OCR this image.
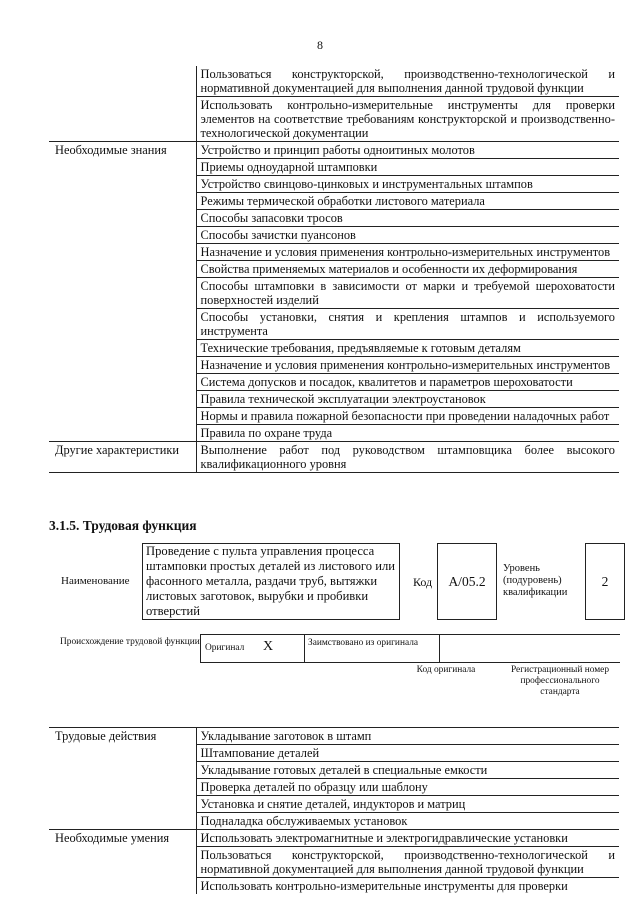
8
	Пользоваться конструкторской, производственно-технологической и нормативной документацией для выполнения данной трудовой функции
	Использовать контрольно-измерительные инструменты для проверки элементов на соответствие требованиям конструкторской и производственно-технологической документации
Необходимые знания	Устройство и принцип работы одноитиных молотов
	Приемы одноударной штамповки
	Устройство свинцово-цинковых и инструментальных штампов
	Режимы термической обработки листового материала
	Способы запасовки тросов
	Способы зачистки пуансонов
	Назначение и условия применения контрольно-измерительных инструментов
	Свойства применяемых материалов и особенности их деформирования
	Способы штамповки в зависимости от марки и требуемой шероховатости поверхностей изделий
	Способы установки, снятия и крепления штампов и используемого инструмента
	Технические требования, предъявляемые к готовым деталям
	Назначение и условия применения контрольно-измерительных инструментов
	Система допусков и посадок, квалитетов и параметров шероховатости
	Правила технической эксплуатации электроустановок
	Нормы и правила пожарной безопасности при проведении наладочных работ
	Правила по охране труда
Другие характеристики	Выполнение работ под руководством штамповщика более высокого квалификационного уровня
3.1.5. Трудовая функция
Наименование
Проведение с пульта управления процесса штамповки простых деталей из листового или фасонного металла, раздачи труб, вытяжки листовых заготовок, вырубки и пробивки отверстий
Код	А/05.2
Уровень (подуровень) квалификации
2
Происхождение трудовой функции
Оригинал Х	Заимствовано из оригинала
Код оригинала	Регистрационный номер профессионального стандарта
Трудовые действия	Укладывание заготовок в штамп
	Штампование деталей
	Укладывание готовых деталей в специальные емкости
	Проверка деталей по образцу или шаблону
	Установка и снятие деталей, индукторов и матриц
	Подналадка обслуживаемых установок
Необходимые умения	Использовать электромагнитные и электрогидравлические установки
	Пользоваться конструкторской, производственно-технологической и нормативной документацией для выполнения данной трудовой функции
	Использовать контрольно-измерительные инструменты для проверки
